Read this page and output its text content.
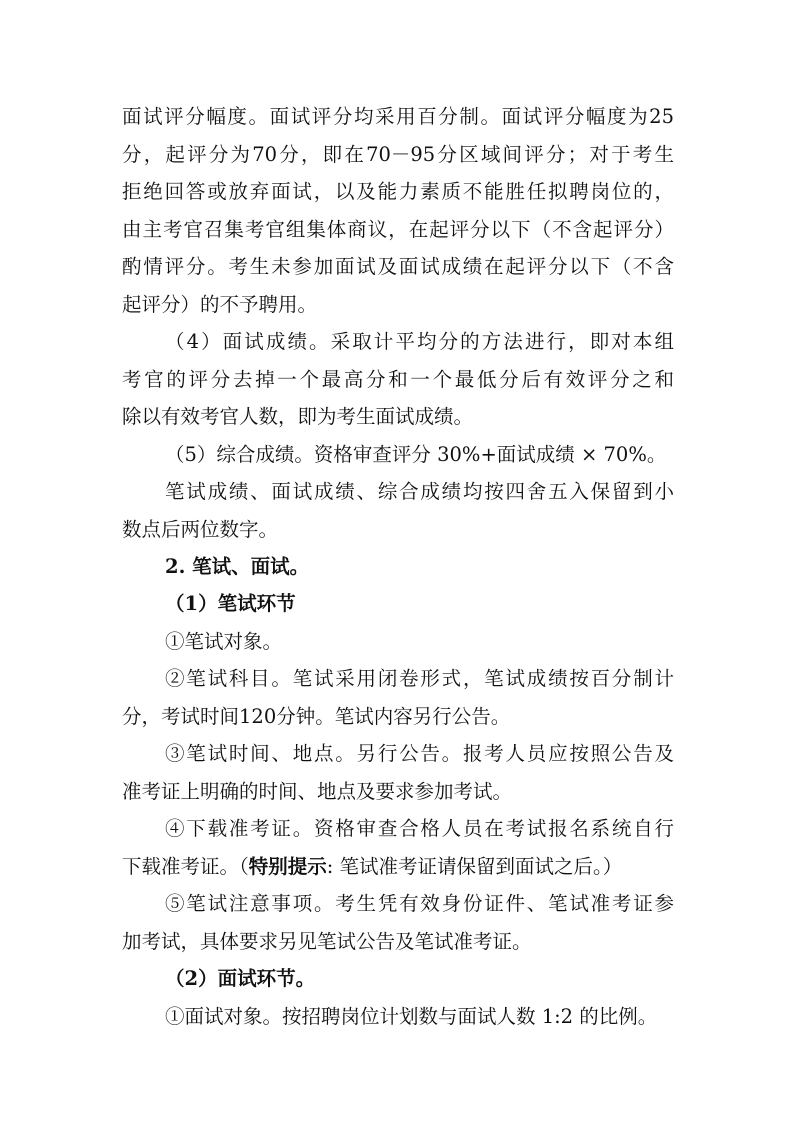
面试评分幅度。面试评分均采用百分制。面试评分幅度为25
分，起评分为70分，即在70－95分区域间评分；对于考生
拒绝回答或放弃面试，以及能力素质不能胜任拟聘岗位的，
由主考官召集考官组集体商议，在起评分以下（不含起评分）
酌情评分。考生未参加面试及面试成绩在起评分以下（不含
起评分）的不予聘用。
（4）面试成绩。采取计平均分的方法进行，即对本组
考官的评分去掉一个最高分和一个最低分后有效评分之和
除以有效考官人数，即为考生面试成绩。
（5）综合成绩。资格审查评分 30%+面试成绩 × 70%。
笔试成绩、面试成绩、综合成绩均按四舍五入保留到小
数点后两位数字。
2. 笔试、面试。
（1）笔试环节
①笔试对象。
②笔试科目。笔试采用闭卷形式，笔试成绩按百分制计
分，考试时间120分钟。笔试内容另行公告。
③笔试时间、地点。另行公告。报考人员应按照公告及
准考证上明确的时间、地点及要求参加考试。
④下载准考证。资格审查合格人员在考试报名系统自行
下载准考证。（特别提示: 笔试准考证请保留到面试之后。）
⑤笔试注意事项。考生凭有效身份证件、笔试准考证参
加考试，具体要求另见笔试公告及笔试准考证。
（2）面试环节。
①面试对象。按招聘岗位计划数与面试人数 1:2 的比例。
